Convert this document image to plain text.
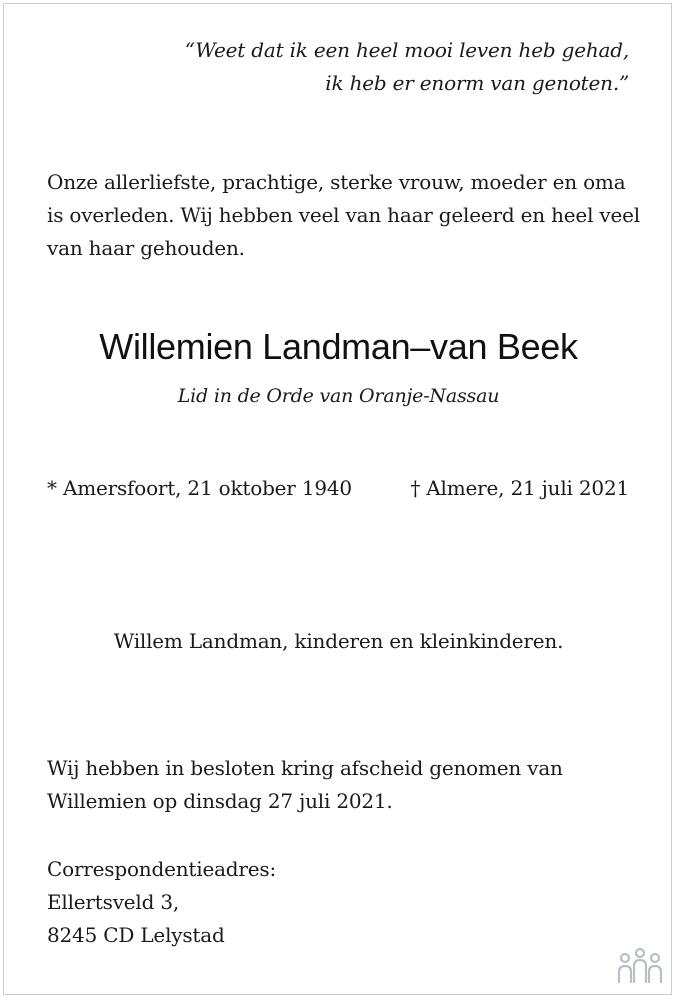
“Weet dat ik een heel mooi leven heb gehad,
ik heb er enorm van genoten.”
Onze allerliefste, prachtige, sterke vrouw, moeder en oma
is overleden. Wij hebben veel van haar geleerd en heel veel
van haar gehouden.
Willemien Landman–van Beek
Lid in de Orde van Oranje-Nassau
* Amersfoort, 21 oktober 1940	† Almere, 21 juli 2021
Willem Landman, kinderen en kleinkinderen.
Wij hebben in besloten kring afscheid genomen van
Willemien op dinsdag 27 juli 2021.
Correspondentieadres:
Ellertsveld 3,
8245 CD Lelystad
